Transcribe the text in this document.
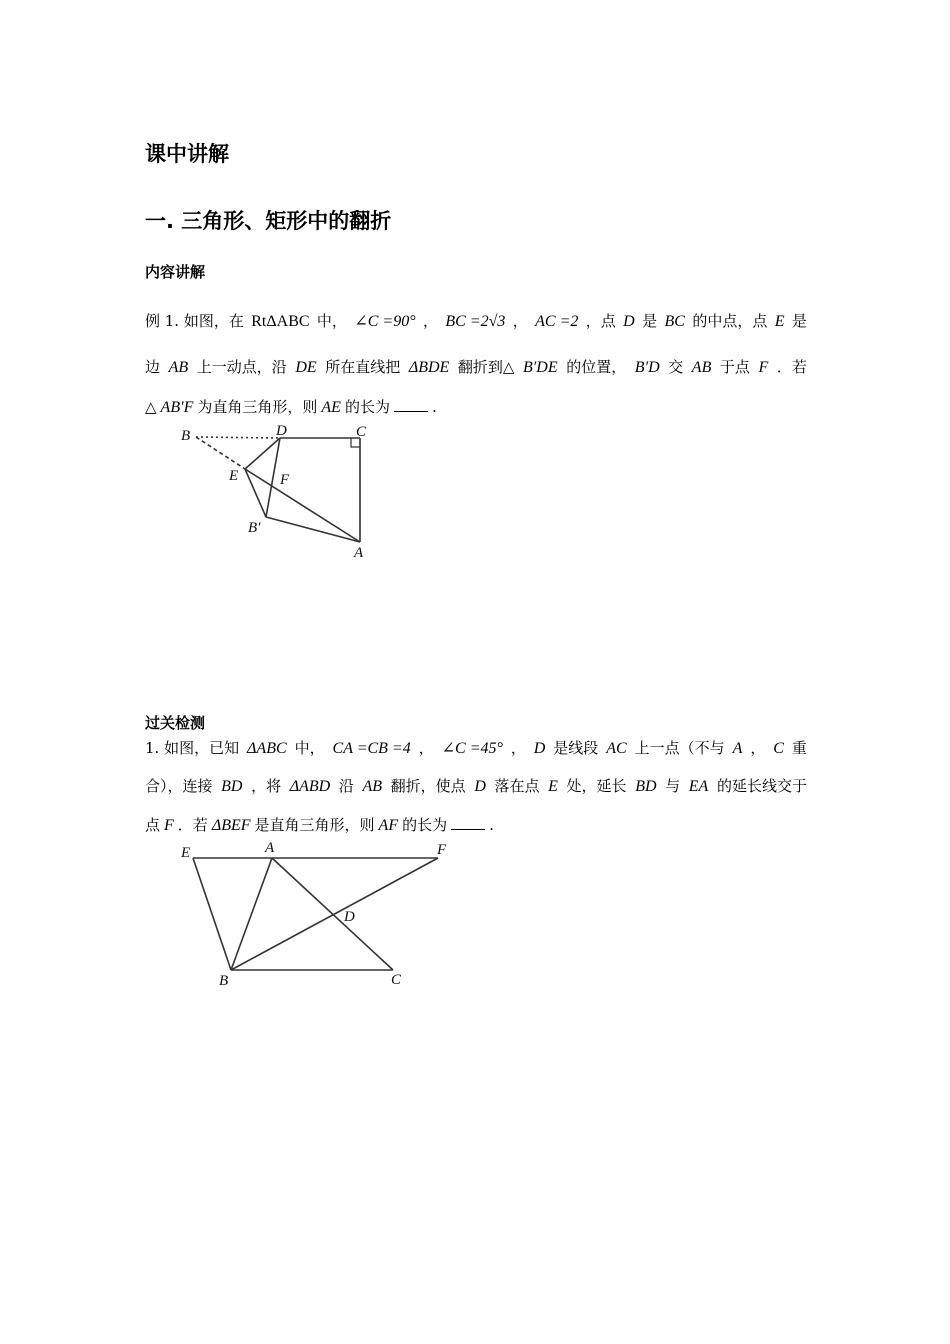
课中讲解
一. 三角形、矩形中的翻折
内容讲解
例 1. 如图，在 RtΔABC 中， ∠C =90° ， BC =2√3 ， AC =2 ，点 D 是 BC 的中点，点 E 是
边 AB 上一动点，沿 DE 所在直线把 ΔBDE 翻折到△ B′DE 的位置， B′D 交 AB 于点 F ．若
△ AB′F 为直角三角形，则 AE 的长为	.
B	D	C
E	F
B′
A
过关检测
1. 如图，已知 ΔABC 中， CA =CB =4 ， ∠C =45° ， D 是线段 AC 上一点（不与 A ， C 重
合），连接 BD ，将 ΔABD 沿 AB 翻折，使点 D 落在点 E 处，延长 BD 与 EA 的延长线交于
点 F ．若 ΔBEF 是直角三角形，则 AF 的长为	.
E	A	F
D
B	C
